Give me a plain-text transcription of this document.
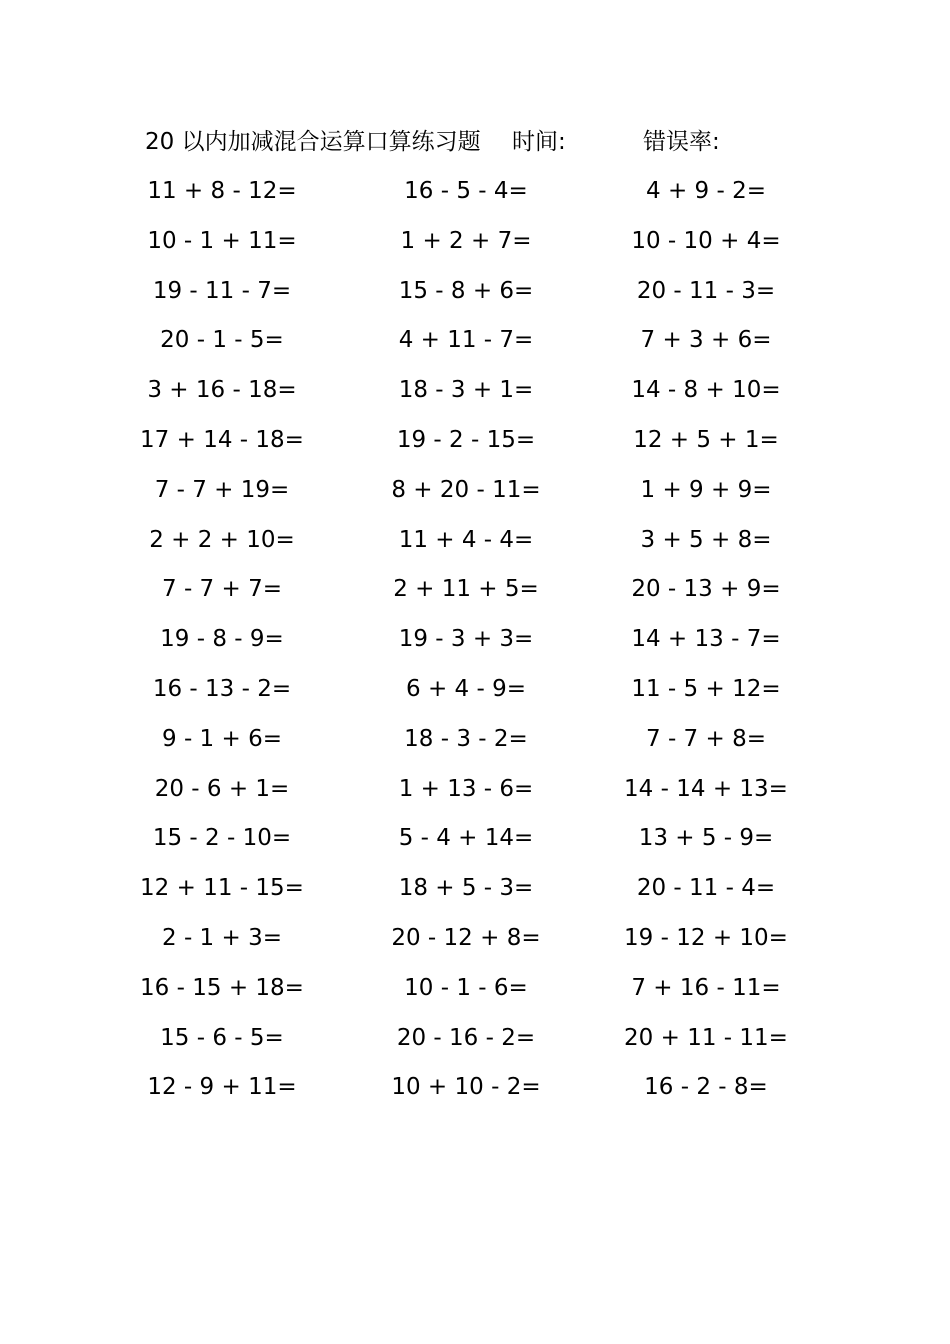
20 以内加减混合运算口算练习题 时间:	错误率:
11 + 8 - 12=	16 - 5 - 4=	4 + 9 - 2=
10 - 1 + 11=	1 + 2 + 7=	10 - 10 + 4=
19 - 11 - 7=	15 - 8 + 6=	20 - 11 - 3=
20 - 1 - 5=	4 + 11 - 7=	7 + 3 + 6=
3 + 16 - 18=	18 - 3 + 1=	14 - 8 + 10=
17 + 14 - 18=	19 - 2 - 15=	12 + 5 + 1=
7 - 7 + 19=	8 + 20 - 11=	1 + 9 + 9=
2 + 2 + 10=	11 + 4 - 4=	3 + 5 + 8=
7 - 7 + 7=	2 + 11 + 5=	20 - 13 + 9=
19 - 8 - 9=	19 - 3 + 3=	14 + 13 - 7=
16 - 13 - 2=	6 + 4 - 9=	11 - 5 + 12=
9 - 1 + 6=	18 - 3 - 2=	7 - 7 + 8=
20 - 6 + 1=	1 + 13 - 6=	14 - 14 + 13=
15 - 2 - 10=	5 - 4 + 14=	13 + 5 - 9=
12 + 11 - 15=	18 + 5 - 3=	20 - 11 - 4=
2 - 1 + 3=	20 - 12 + 8=	19 - 12 + 10=
16 - 15 + 18=	10 - 1 - 6=	7 + 16 - 11=
15 - 6 - 5=	20 - 16 - 2=	20 + 11 - 11=
12 - 9 + 11=	10 + 10 - 2=	16 - 2 - 8=
